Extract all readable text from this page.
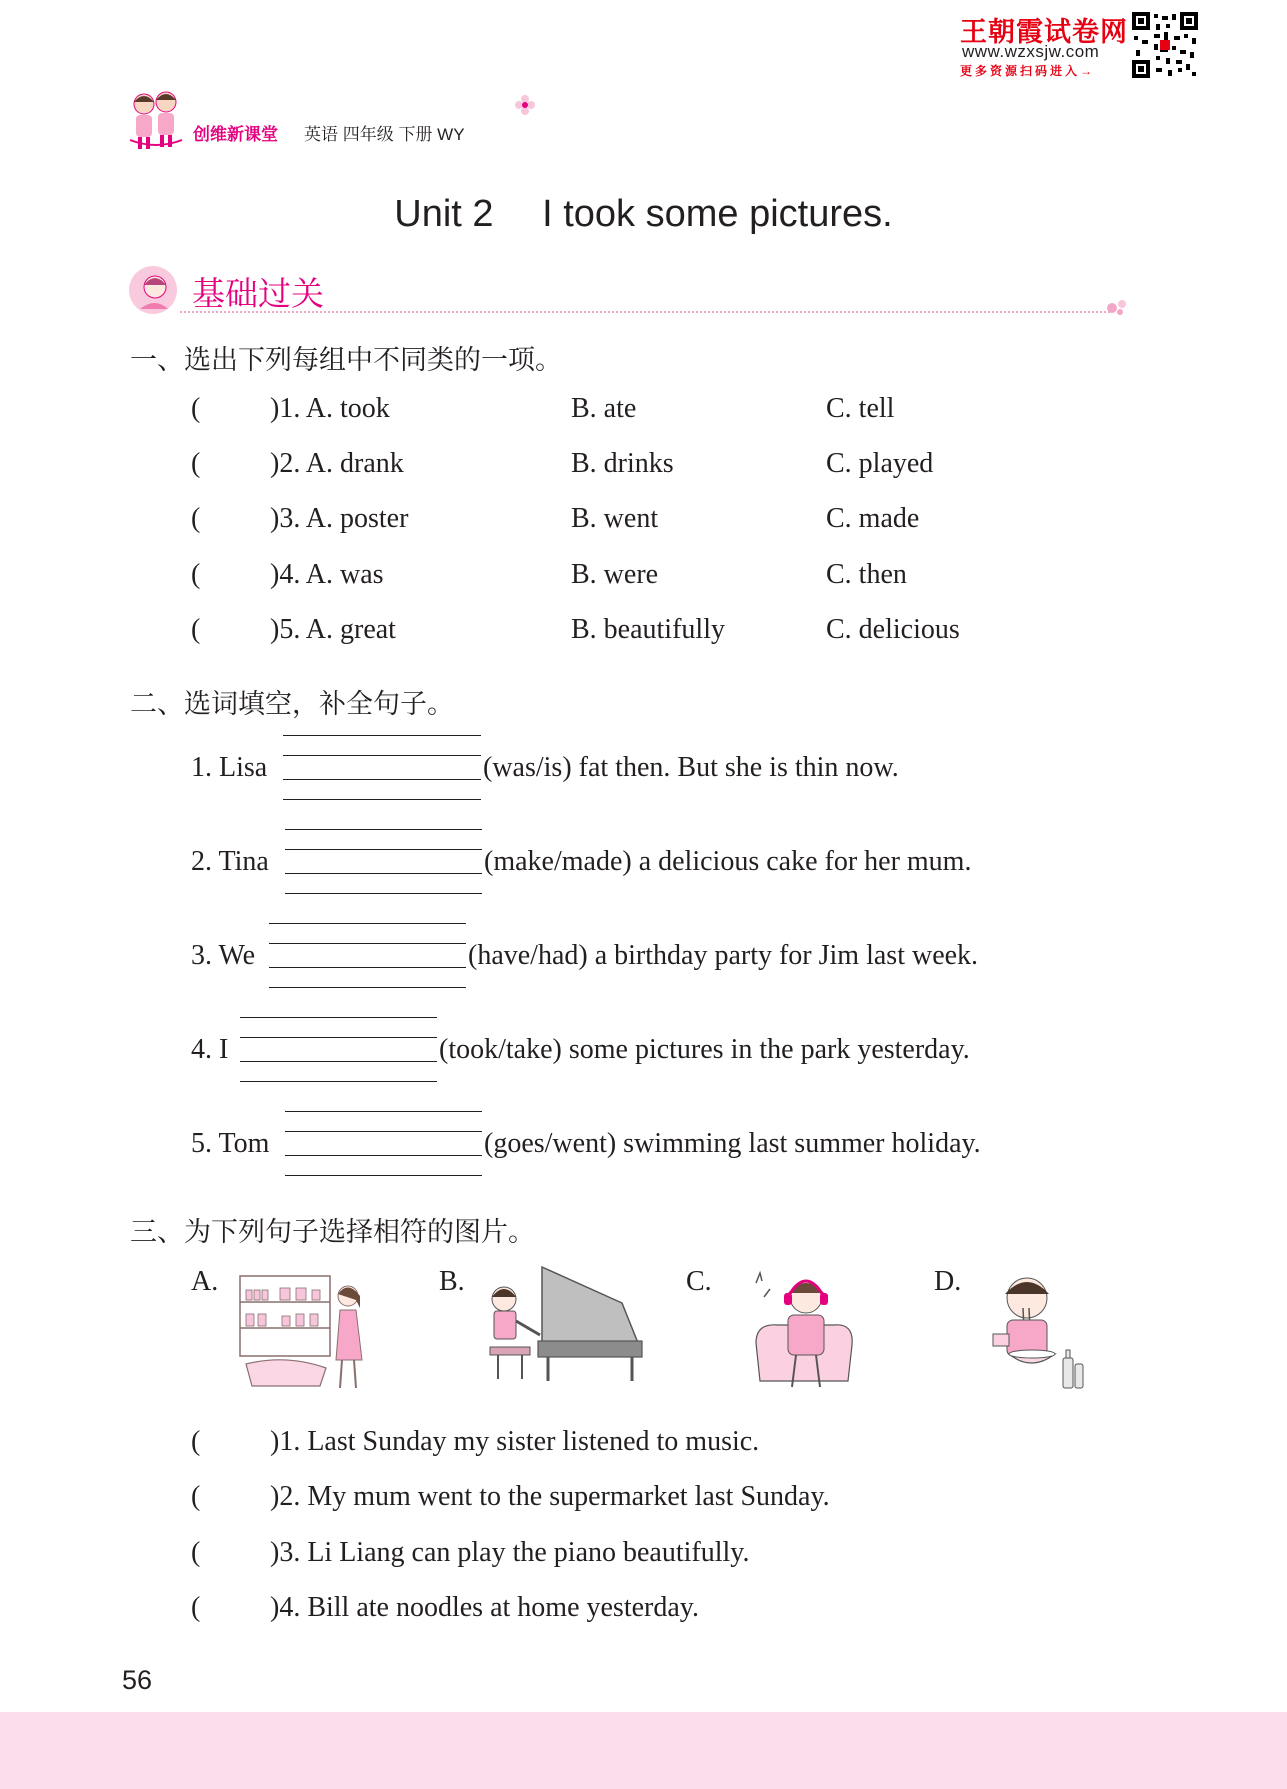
王朝霞试卷网
www.wzxsjw.com
更多资源扫码进入→
创维新课堂 英语 四年级 下册 WY
Unit 2 　I took some pictures.
基础过关
一、选出下列每组中不同类的一项。
( )1. A. took	B. ate	C. tell
( )2. A. drank	B. drinks	C. played
( )3. A. poster	B. went	C. made
( )4. A. was	B. were	C. then
( )5. A. great	B. beautifully	C. delicious
二、选词填空，补全句子。
1. Lisa	(was/is) fat then. But she is thin now.
2. Tina	(make/made) a delicious cake for her mum.
3. We	(have/had) a birthday party for Jim last week.
4. I	(took/take) some pictures in the park yesterday.
5. Tom	(goes/went) swimming last summer holiday.
三、为下列句子选择相符的图片。
A.	B.	C.	D.
( )1. Last Sunday my sister listened to music.
( )2. My mum went to the supermarket last Sunday.
( )3. Li Liang can play the piano beautifully.
( )4. Bill ate noodles at home yesterday.
56
